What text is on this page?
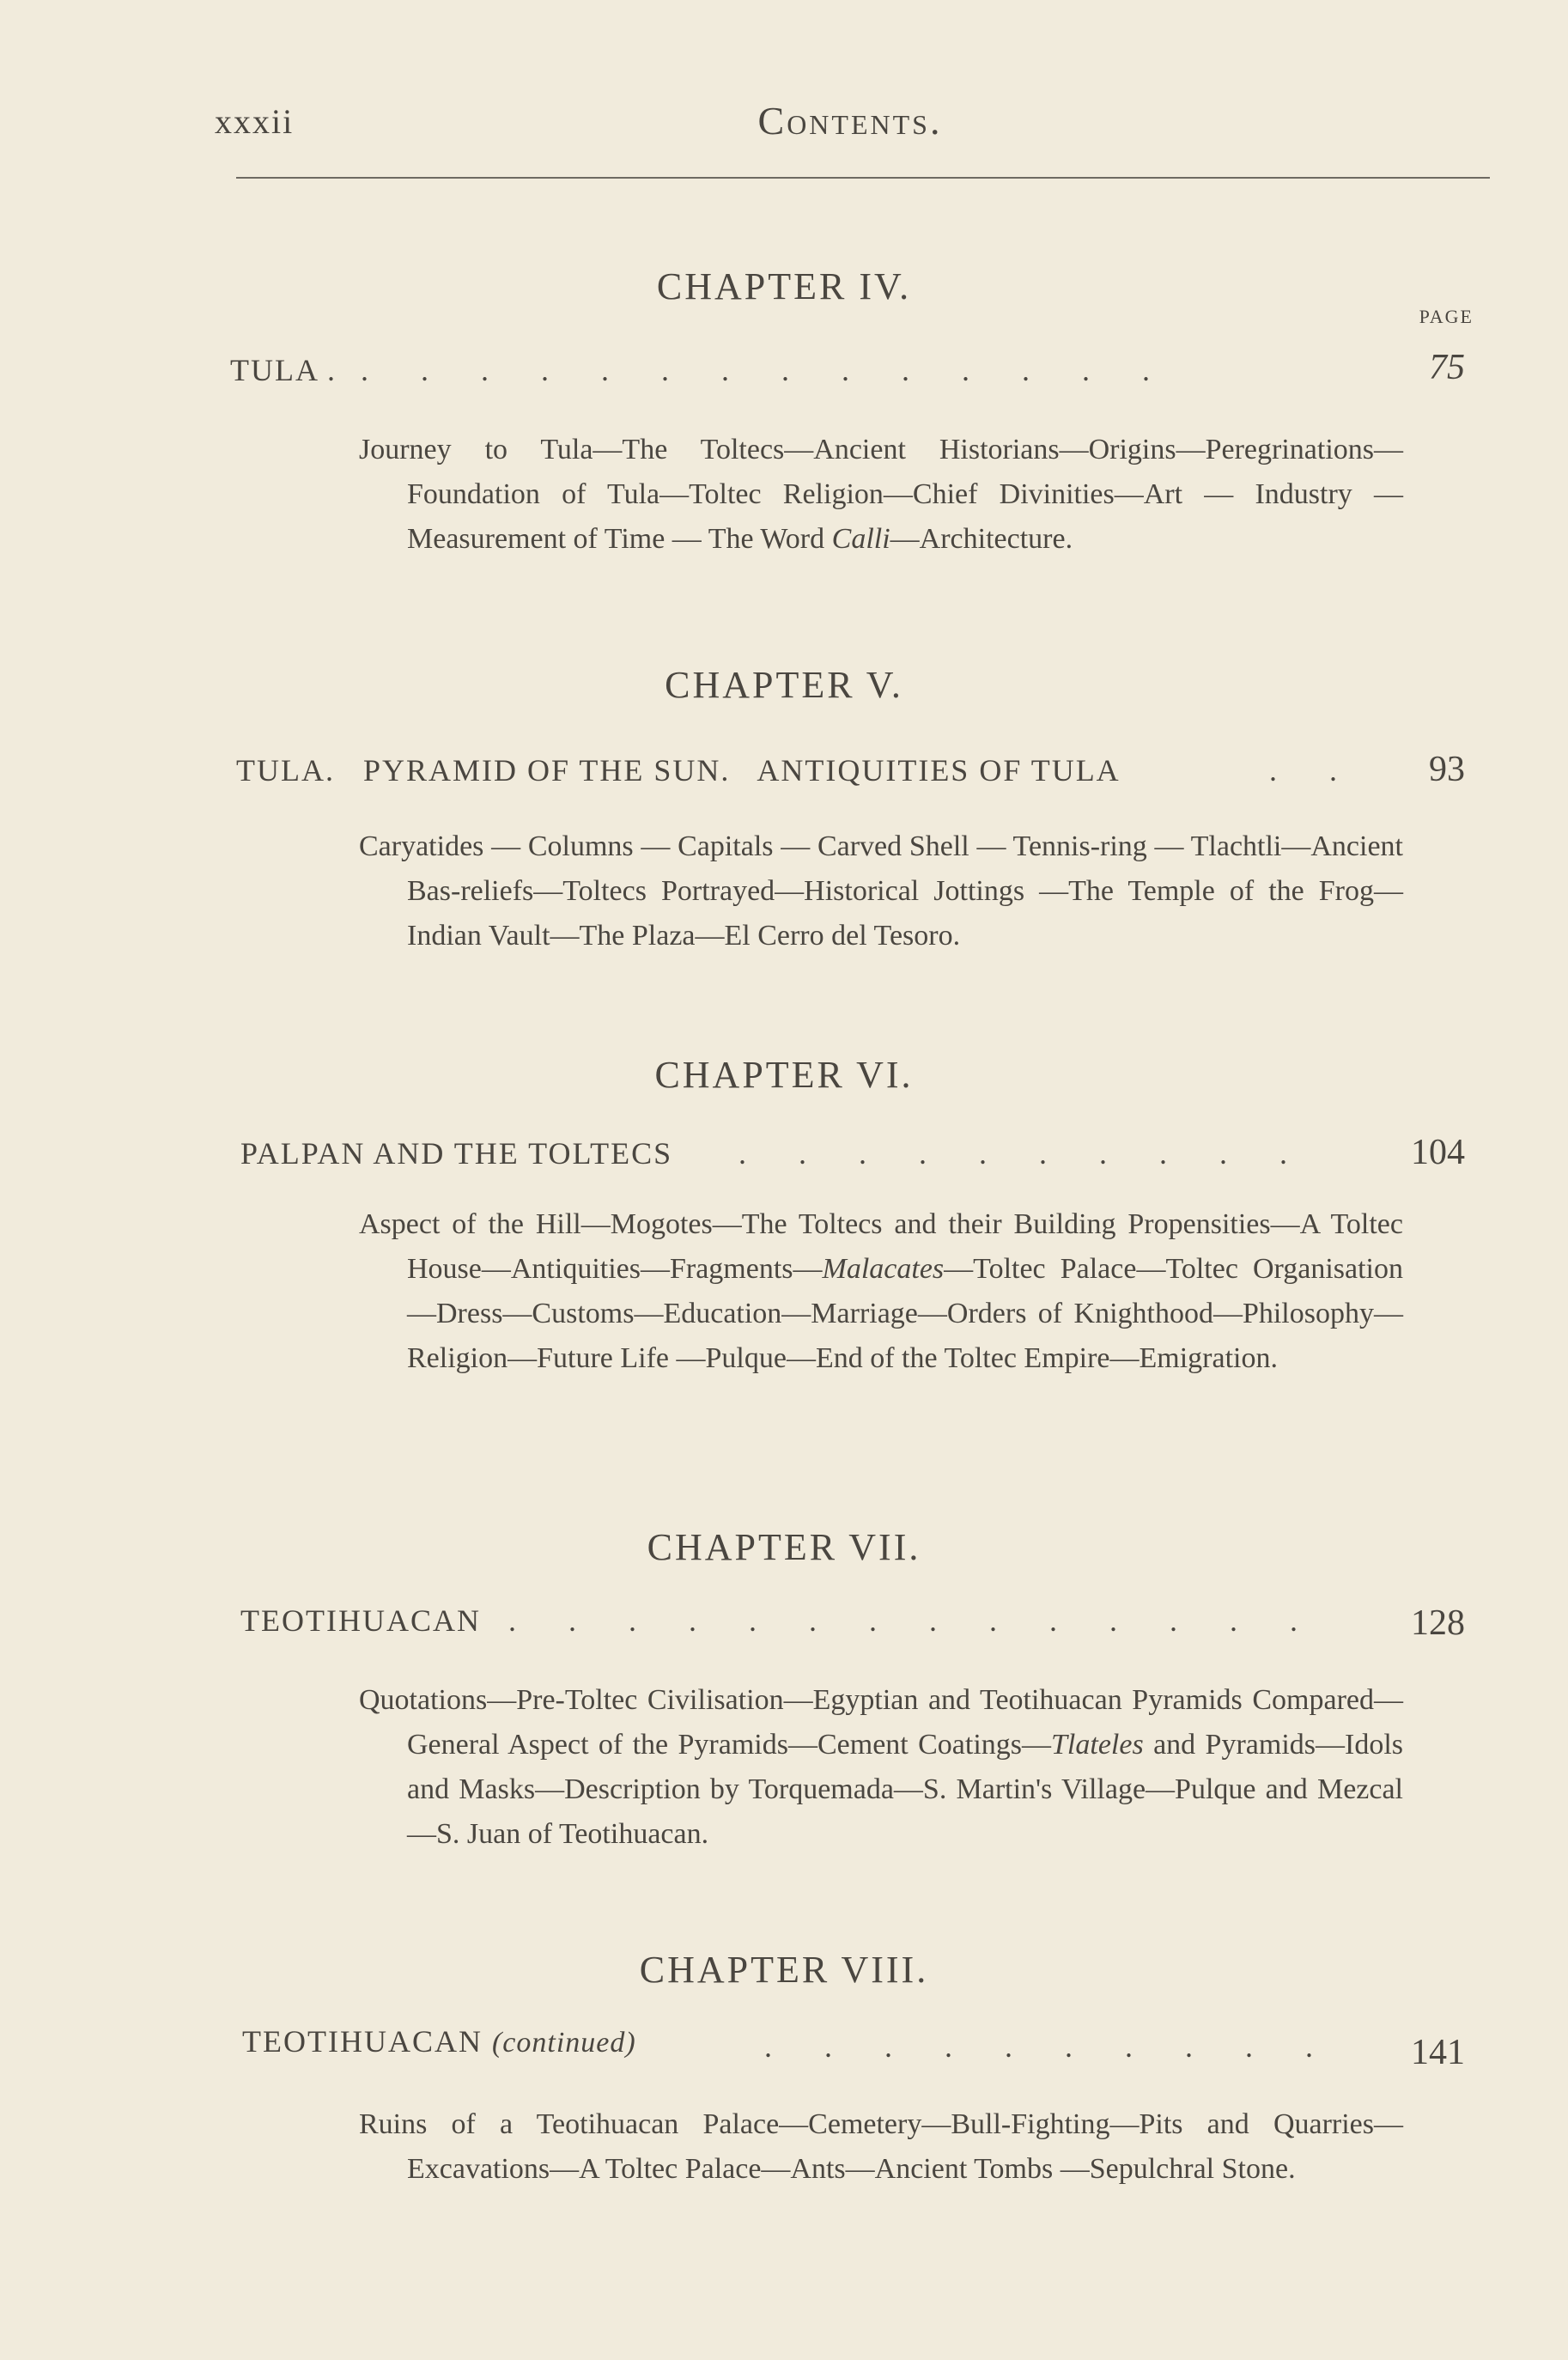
xxxii	Contents.
PAGE
CHAPTER IV.
TULA . . . . . . . . . . . . . . .	75

Journey to Tula—The Toltecs—Ancient Historians—Origins—Peregrinations—Foundation of Tula—Toltec Religion—Chief Divinities—Art — Industry — Measurement of Time — The Word Calli—Architecture.

CHAPTER V.
TULA.   PYRAMID OF THE SUN.   ANTIQUITIES OF TULA	. . 93

Caryatides — Columns — Capitals — Carved Shell — Tennis-ring — Tlachtli—Ancient Bas-reliefs—Toltecs Portrayed—Historical Jottings —The Temple of the Frog—Indian Vault—The Plaza—El Cerro del Tesoro.

CHAPTER VI.
PALPAN AND THE TOLTECS . . . . . . . . . .	104

Aspect of the Hill—Mogotes—The Toltecs and their Building Propensities—A Toltec House—Antiquities—Fragments—Malacates—Toltec Palace—Toltec Organisation—Dress—Customs—Education—Marriage—Orders of Knighthood—Philosophy—Religion—Future Life —Pulque—End of the Toltec Empire—Emigration.

CHAPTER VII.
TEOTIHUACAN . . . . . . . . . . . . . .	128

Quotations—Pre-Toltec Civilisation—Egyptian and Teotihuacan Pyramids Compared—General Aspect of the Pyramids—Cement Coatings—Tlateles and Pyramids—Idols and Masks—Description by Torquemada—S. Martin's Village—Pulque and Mezcal—S. Juan of Teotihuacan.

CHAPTER VIII.
TEOTIHUACAN (continued)	. . . . . . . . . . 141

Ruins of a Teotihuacan Palace—Cemetery—Bull-Fighting—Pits and Quarries—Excavations—A Toltec Palace—Ants—Ancient Tombs —Sepulchral Stone.
